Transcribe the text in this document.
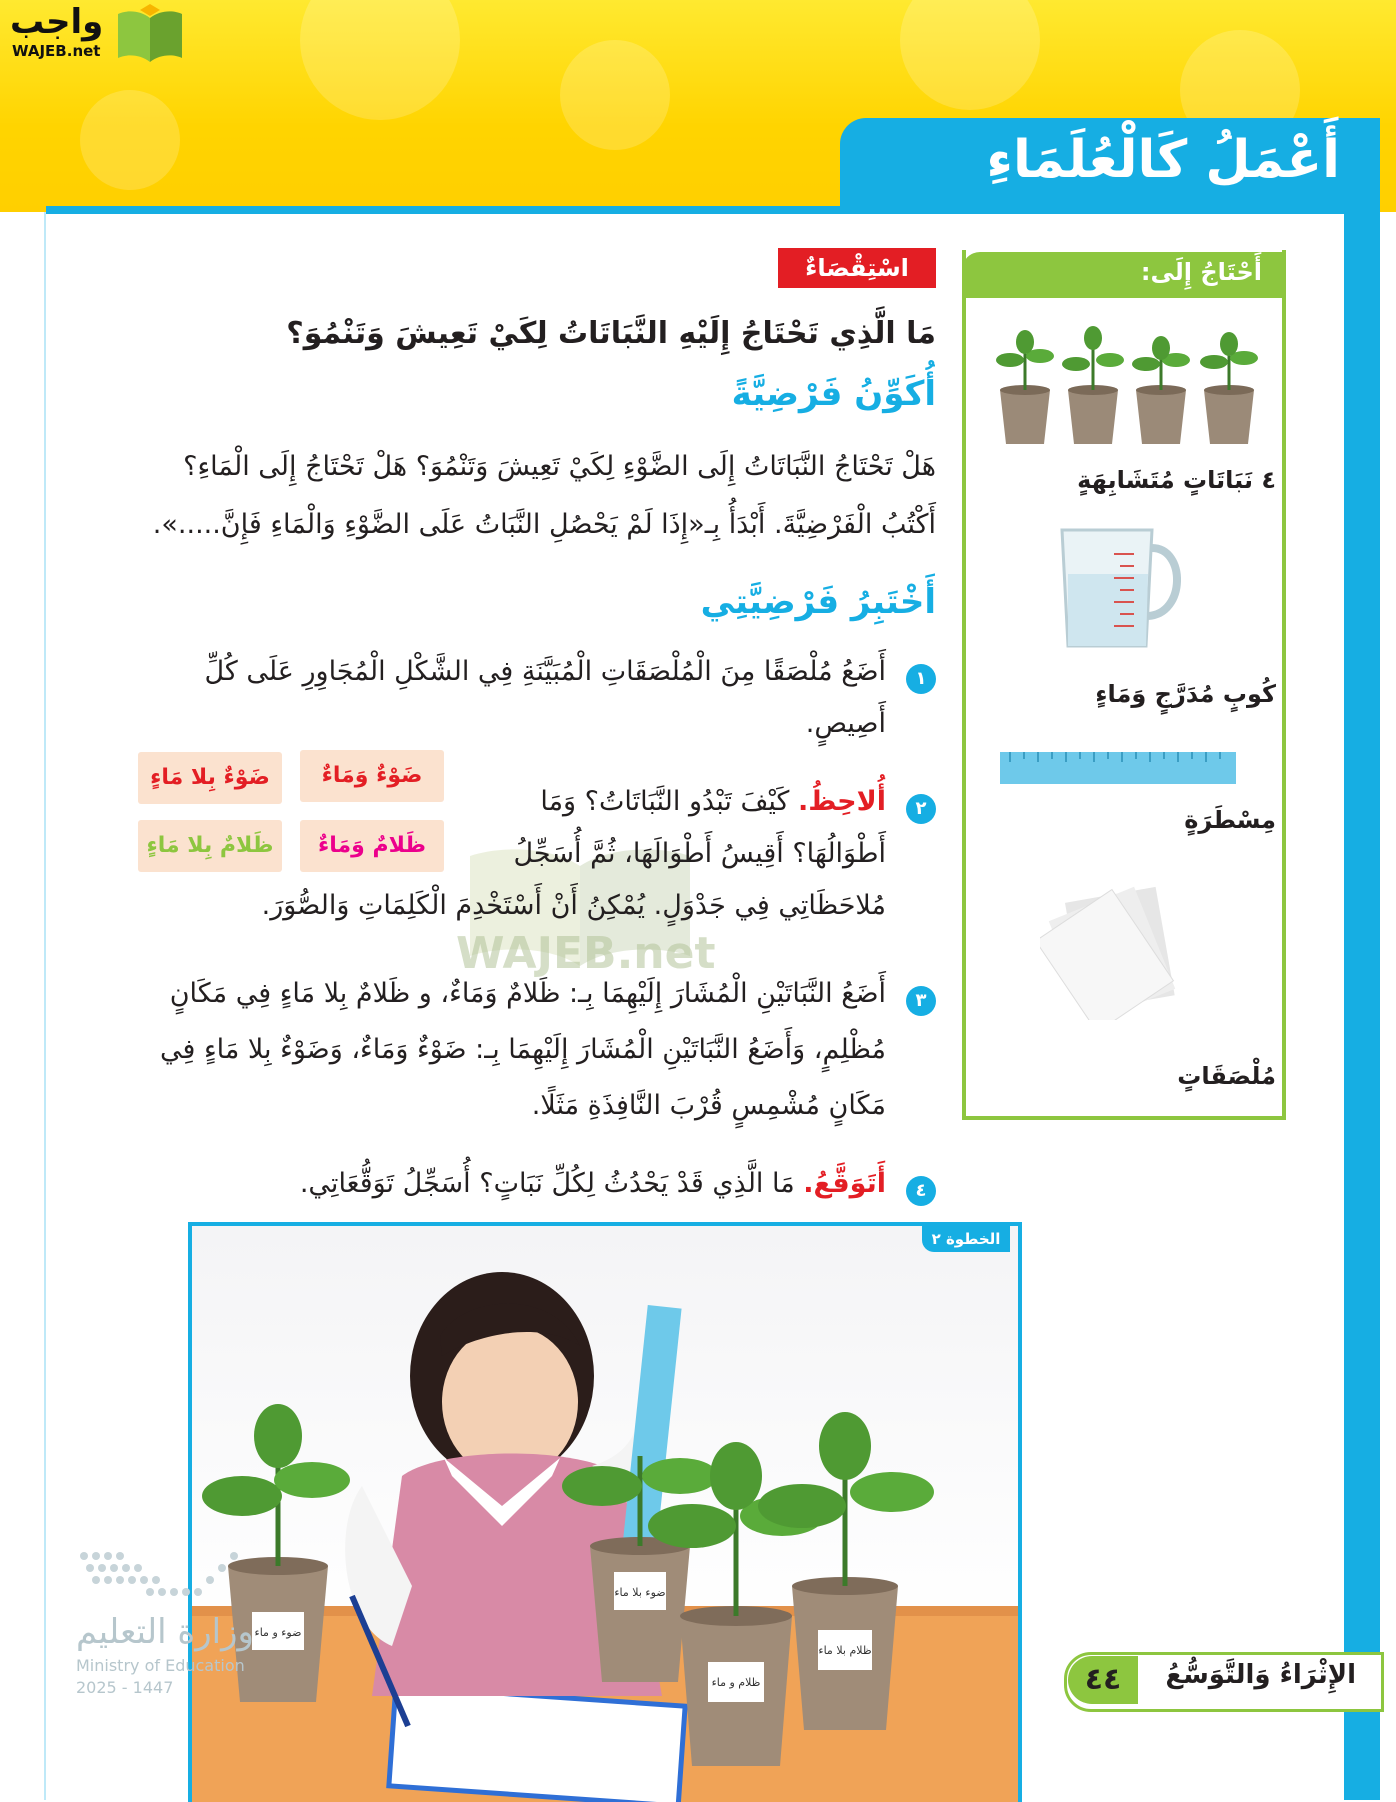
أَعْمَلُ كَالْعُلَمَاءِ
واجب
WAJEB.net
أَحْتَاجُ إِلَى:
٤ نَبَاتَاتٍ مُتَشَابِهَةٍ
كُوبٍ مُدَرَّجٍ وَمَاءٍ
مِسْطَرَةٍ
مُلْصَقَاتٍ
اسْتِقْصَاءٌ مَبْنِيٌّ
مَا الَّذِي تَحْتَاجُ إِلَيْهِ النَّبَاتَاتُ لِكَيْ تَعِيشَ وَتَنْمُوَ؟
أُكَوِّنُ فَرْضِيَّةً
هَلْ تَحْتَاجُ النَّبَاتَاتُ إِلَى الضَّوْءِ لِكَيْ تَعِيشَ وَتَنْمُوَ؟ هَلْ تَحْتَاجُ إِلَى الْمَاءِ؟
أَكْتُبُ الْفَرْضِيَّةَ. أَبْدَأُ بِـ«إِذَا لَمْ يَحْصُلِ النَّبَاتُ عَلَى الضَّوْءِ وَالْمَاءِ فَإِنَّ.....».
أَخْتَبِرُ فَرْضِيَّتِي
١
أَضَعُ مُلْصَقًا مِنَ الْمُلْصَقَاتِ الْمُبَيَّنَةِ فِي الشَّكْلِ الْمُجَاوِرِ عَلَى كُلِّ
أَصِيصٍ.
ضَوْءٌ وَمَاءٌ
ضَوْءٌ بِلا مَاءٍ
ظَلامٌ وَمَاءٌ
ظَلامٌ بِلا مَاءٍ
WAJEB.net
٢
أُلاحِظُ. كَيْفَ تَبْدُو النَّبَاتَاتُ؟ وَمَا
أَطْوَالُهَا؟ أَقِيسُ أَطْوَالَهَا، ثُمَّ أُسَجِّلُ
مُلاحَظَاتِي فِي جَدْوَلٍ. يُمْكِنُ أَنْ أَسْتَخْدِمَ الْكَلِمَاتِ وَالصُّوَرَ.
٣
أَضَعُ النَّبَاتَيْنِ الْمُشَارَ إِلَيْهِمَا بِـ: ظَلامٌ وَمَاءٌ، و ظَلامٌ بِلا مَاءٍ فِي مَكَانٍ
مُظْلِمٍ، وَأَضَعُ النَّبَاتَيْنِ الْمُشَارَ إِلَيْهِمَا بِـ: ضَوْءٌ وَمَاءٌ، وَضَوْءٌ بِلا مَاءٍ فِي
مَكَانٍ مُشْمِسٍ قُرْبَ النَّافِذَةِ مَثَلًا.
٤
أَتَوَقَّعُ. مَا الَّذِي قَدْ يَحْدُثُ لِكُلِّ نَبَاتٍ؟ أُسَجِّلُ تَوَقُّعَاتِي.
ضوء و ماء
ضوء بلا ماء
ظلام و ماء
ظلام بلا ماء
الخطوة ٢
٤٤	الإِثْرَاءُ وَالتَّوَسُّعُ
وزارة التعليم
Ministry of Education
2025 - 1447
